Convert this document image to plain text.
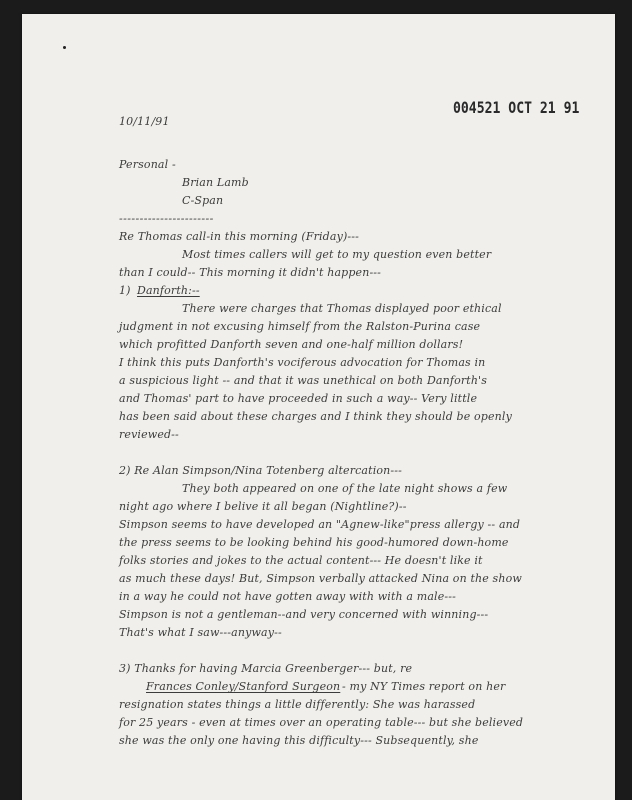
004521 OCT 21 91
10/11/91
Personal -
Brian Lamb
C-Span
-----------------------
Re Thomas call-in this morning (Friday)---
Most times callers will get to my question even better
than I could-- This morning it didn't happen---
1) Danforth:--
There were charges that Thomas displayed poor ethical
judgment in not excusing himself from the Ralston-Purina case
which profitted Danforth seven and one-half million dollars!
I think this puts Danforth's vociferous advocation for Thomas in
a suspicious light -- and that it was unethical on both Danforth's
and Thomas' part to have proceeded in such a way-- Very little
has been said about these charges and I think they should be openly
reviewed--
2) Re Alan Simpson/Nina Totenberg altercation---
They both appeared on one of the late night shows a few
night ago where I belive it all began (Nightline?)--
Simpson seems to have developed an "Agnew-like"press allergy -- and
the press seems to be looking behind his good-humored down-home
folks stories and jokes to the actual content--- He doesn't like it
as much these days! But, Simpson verbally attacked Nina on the show
in a way he could not have gotten away with with a male---
Simpson is not a gentleman--and very concerned with winning---
That's what I saw---anyway--
3) Thanks for having Marcia Greenberger--- but, re
Frances Conley/Stanford Surgeon - my NY Times report on her
resignation states things a little differently: She was harassed
for 25 years - even at times over an operating table--- but she believed
she was the only one having this difficulty--- Subsequently, she
